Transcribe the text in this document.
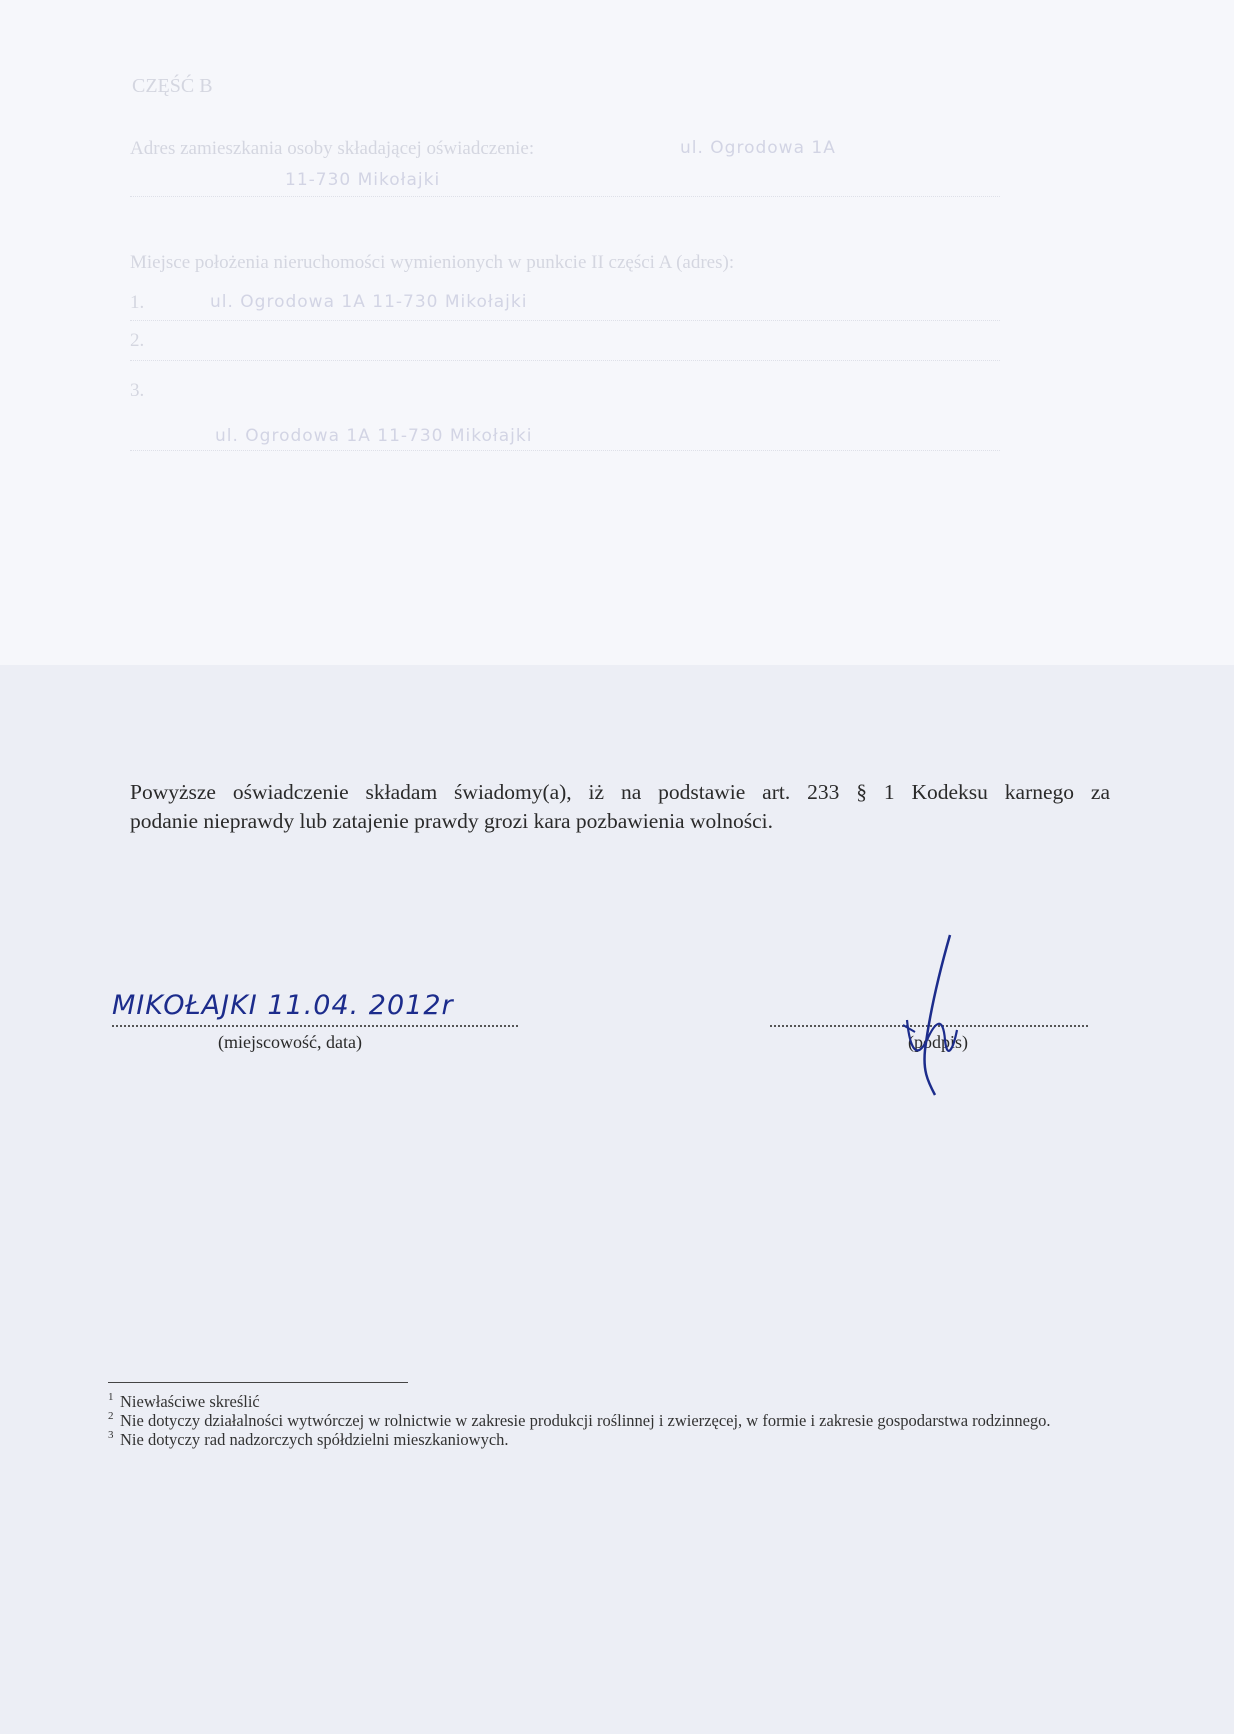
CZĘŚĆ B
Adres zamieszkania osoby składającej oświadczenie:	ul. Ogrodowa 1A
11-730 Mikołajki
Miejsce położenia nieruchomości wymienionych w punkcie II części A (adres):
1.	ul. Ogrodowa 1A 11-730 Mikołajki
2.
3.
ul. Ogrodowa 1A 11-730 Mikołajki
Powyższe oświadczenie składam świadomy(a), iż na podstawie art. 233 § 1 Kodeksu karnego za
podanie nieprawdy lub zatajenie prawdy grozi kara pozbawienia wolności.
MIKOŁAJKI 11.04. 2012r
(miejscowość, data)	(podpis)
1 Niewłaściwe skreślić
2 Nie dotyczy działalności wytwórczej w rolnictwie w zakresie produkcji roślinnej i zwierzęcej, w formie i zakresie gospodarstwa rodzinnego.
3 Nie dotyczy rad nadzorczych spółdzielni mieszkaniowych.
